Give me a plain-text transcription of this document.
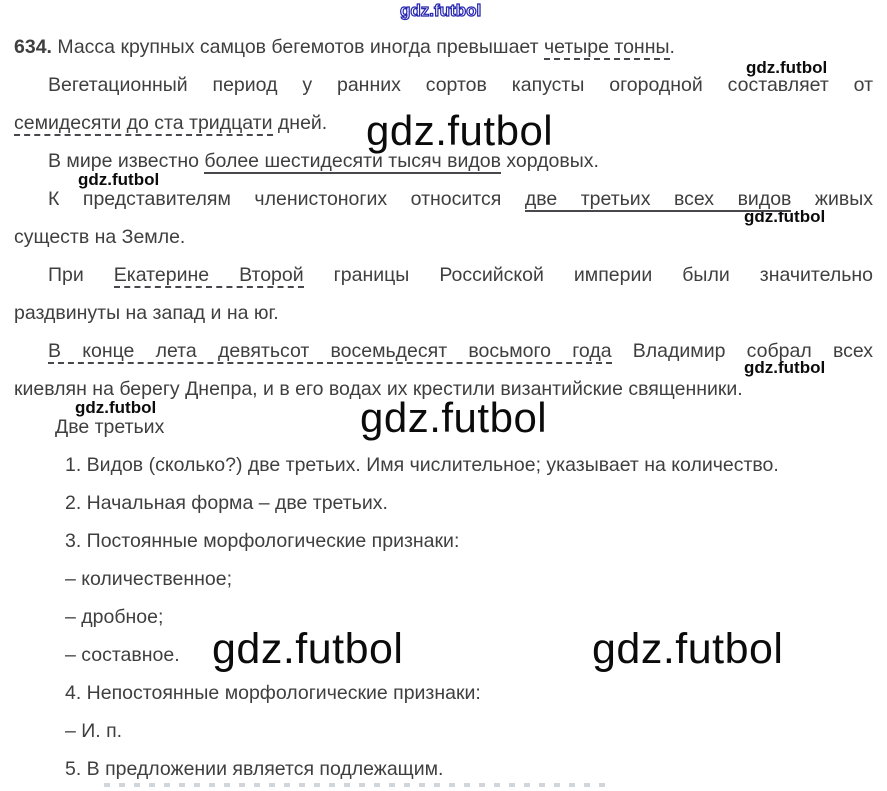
gdz.futbol
gdz.futbol
gdz.futbol
gdz.futbol
gdz.futbol
gdz.futbol
gdz.futbol	gdz.futbol
gdz.futbol	gdz.futbol
634. Масса крупных самцов бегемотов иногда превышает четыре тонны.
Вегетационный период у ранних сортов капусты огородной составляет от
семидесяти до ста тридцати дней.
В мире известно более шестидесяти тысяч видов хордовых.
К представителям членистоногих относится две третьих всех видов живых
существ на Земле.
При Екатерине Второй границы Российской империи были значительно
раздвинуты на запад и на юг.
В конце лета девятьсот восемьдесят восьмого года Владимир собрал всех
киевлян на берегу Днепра, и в его водах их крестили византийские священники.
Две третьих
1. Видов (сколько?) две третьих. Имя числительное; указывает на количество.
2. Начальная форма – две третьих.
3. Постоянные морфологические признаки:
– количественное;
– дробное;
– составное.
4. Непостоянные морфологические признаки:
– И. п.
5. В предложении является подлежащим.
